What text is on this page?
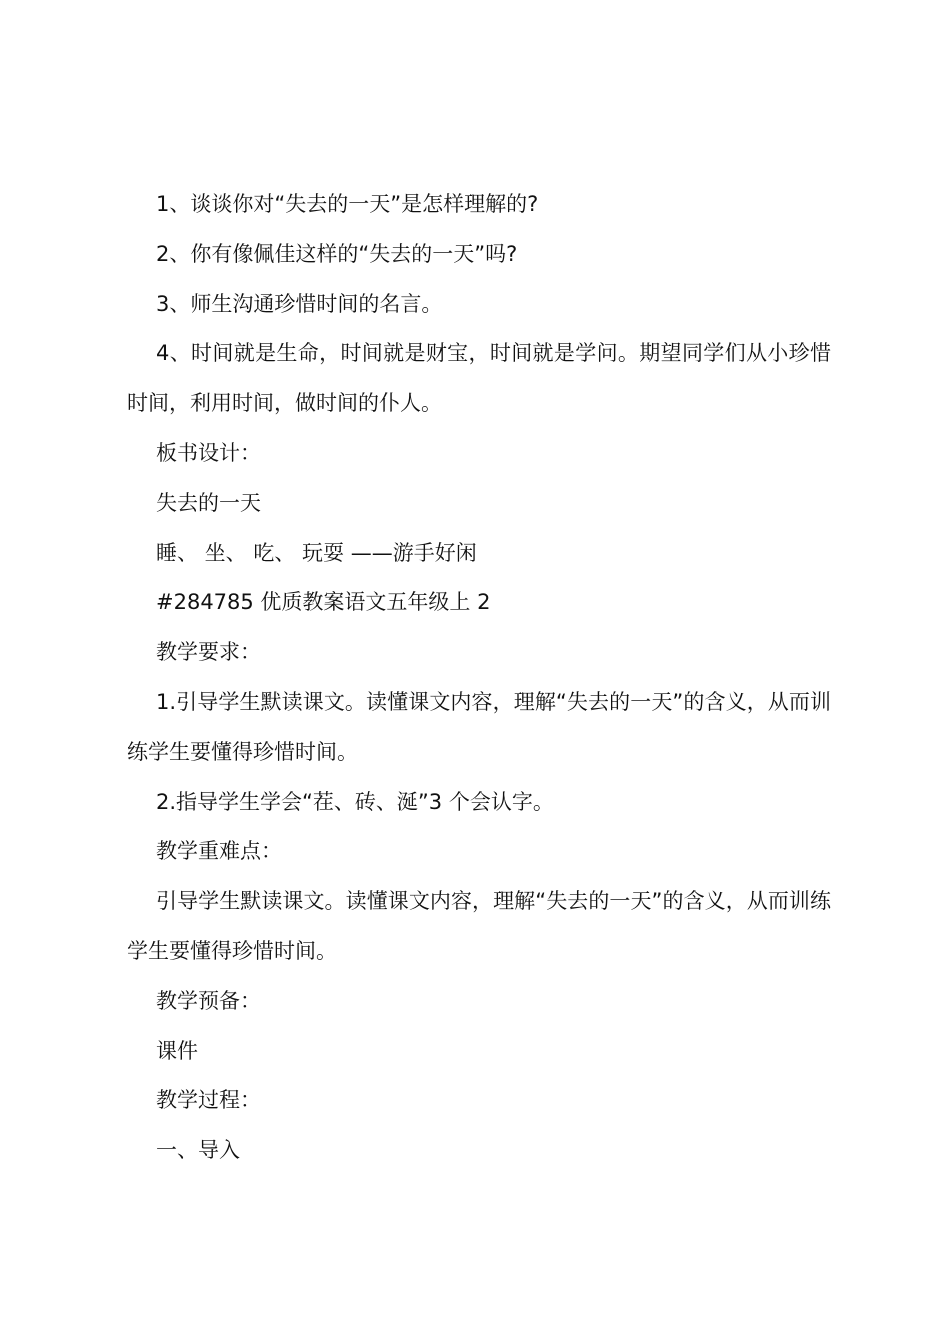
1、谈谈你对“失去的一天”是怎样理解的?

2、你有像佩佳这样的“失去的一天”吗?

3、师生沟通珍惜时间的名言。

4、时间就是生命，时间就是财宝，时间就是学问。期望同学们从小珍惜时间，利用时间，做时间的仆人。

板书设计：

失去的一天

睡、 坐、 吃、 玩耍 ——游手好闲

#284785 优质教案语文五年级上 2

教学要求：

1.引导学生默读课文。读懂课文内容，理解“失去的一天”的含义，从而训练学生要懂得珍惜时间。

2.指导学生学会“茬、砖、涎”3 个会认字。

教学重难点：

引导学生默读课文。读懂课文内容，理解“失去的一天”的含义，从而训练学生要懂得珍惜时间。

教学预备：

课件

教学过程：

一、导入
